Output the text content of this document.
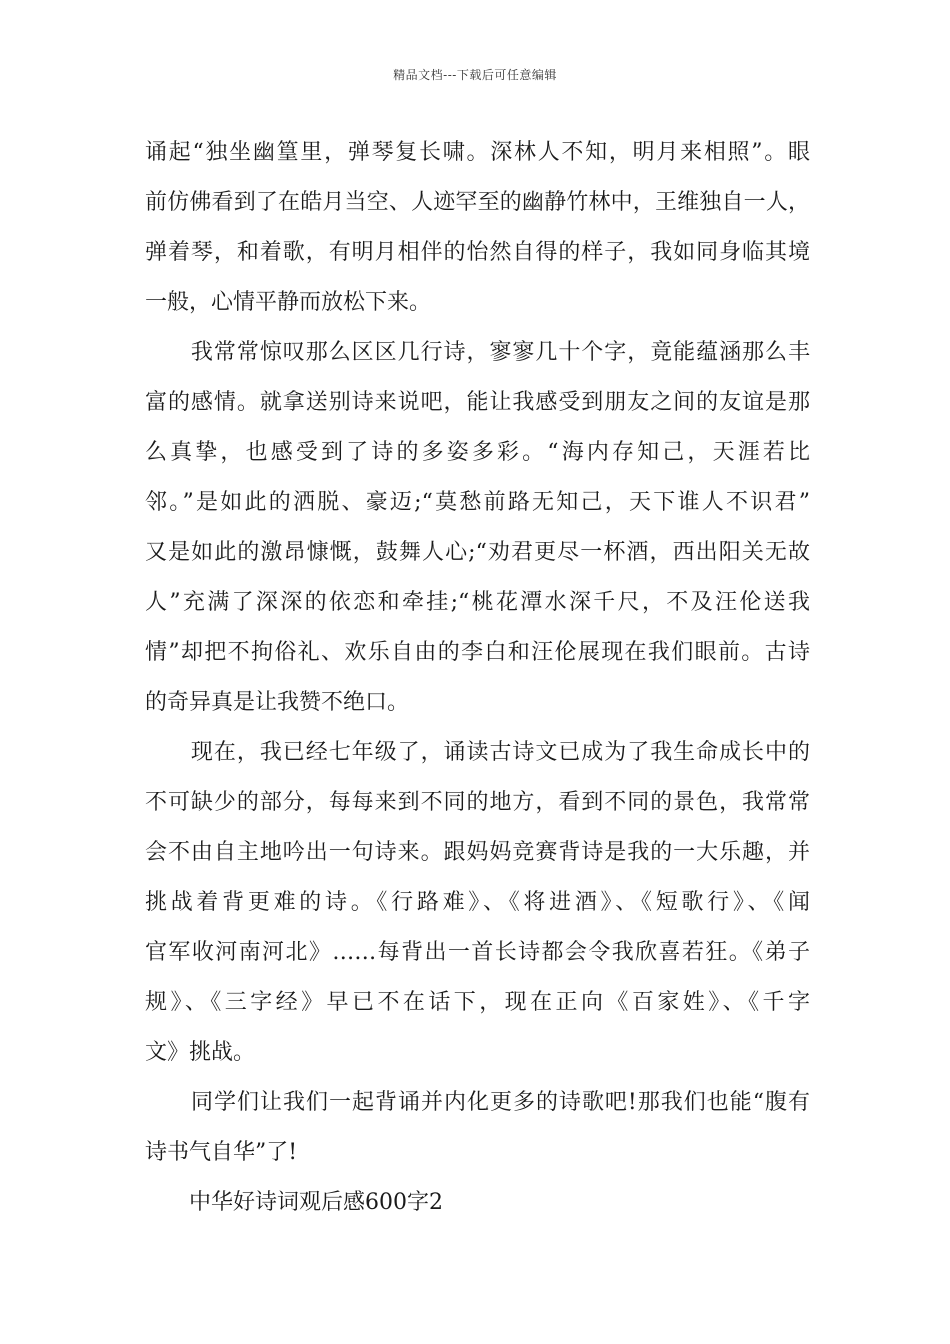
精品文档---下载后可任意编辑
诵起“独坐幽篁里，弹琴复长啸。深林人不知，明月来相照”。眼
前仿佛看到了在皓月当空、人迹罕至的幽静竹林中，王维独自一人，
弹着琴，和着歌，有明月相伴的怡然自得的样子，我如同身临其境
一般，心情平静而放松下来。
　　我常常惊叹那么区区几行诗，寥寥几十个字，竟能蕴涵那么丰
富的感情。就拿送别诗来说吧，能让我感受到朋友之间的友谊是那
么真挚，也感受到了诗的多姿多彩。“海内存知己，天涯若比
邻。”是如此的洒脱、豪迈;“莫愁前路无知己，天下谁人不识君”
又是如此的激昂慷慨，鼓舞人心;“劝君更尽一杯酒，西出阳关无故
人”充满了深深的依恋和牵挂;“桃花潭水深千尺，不及汪伦送我
情”却把不拘俗礼、欢乐自由的李白和汪伦展现在我们眼前。古诗
的奇异真是让我赞不绝口。
　　现在，我已经七年级了，诵读古诗文已成为了我生命成长中的
不可缺少的部分，每每来到不同的地方，看到不同的景色，我常常
会不由自主地吟出一句诗来。跟妈妈竞赛背诗是我的一大乐趣，并
挑战着背更难的诗。《行路难》、《将进酒》、《短歌行》、《闻
官军收河南河北》……每背出一首长诗都会令我欣喜若狂。《弟子
规》、《三字经》早已不在话下，现在正向《百家姓》、《千字
文》挑战。
　　同学们让我们一起背诵并内化更多的诗歌吧!那我们也能“腹有
诗书气自华”了!
　　中华好诗词观后感600字2
